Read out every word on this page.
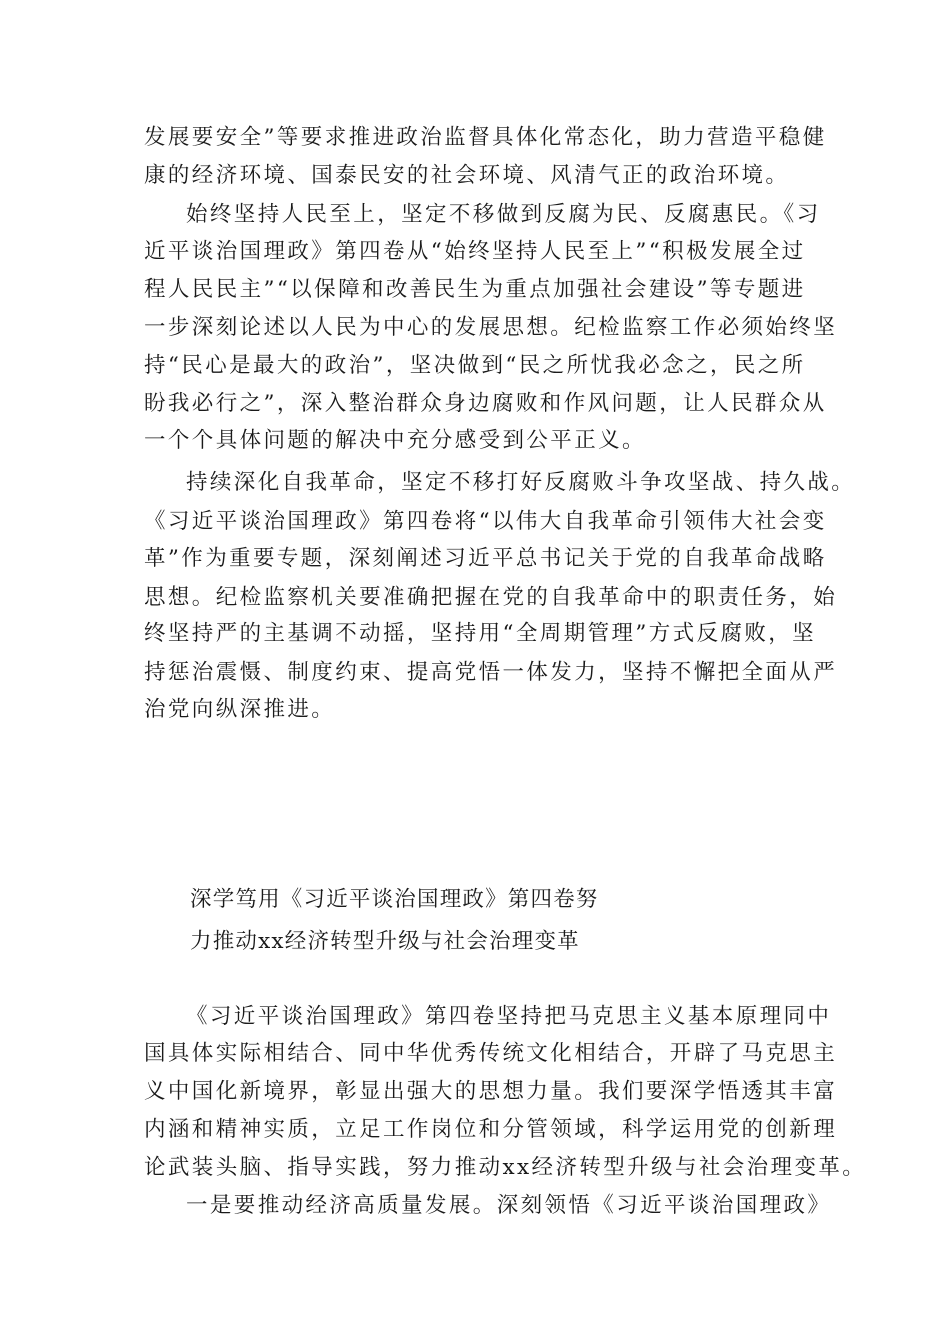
发展要安全”等要求推进政治监督具体化常态化，助力营造平稳健
康的经济环境、国泰民安的社会环境、风清气正的政治环境。
始终坚持人民至上，坚定不移做到反腐为民、反腐惠民。《习
近平谈治国理政》第四卷从“始终坚持人民至上”“积极发展全过
程人民民主”“以保障和改善民生为重点加强社会建设”等专题进
一步深刻论述以人民为中心的发展思想。纪检监察工作必须始终坚
持“民心是最大的政治”，坚决做到“民之所忧我必念之，民之所
盼我必行之”，深入整治群众身边腐败和作风问题，让人民群众从
一个个具体问题的解决中充分感受到公平正义。
持续深化自我革命，坚定不移打好反腐败斗争攻坚战、持久战。
《习近平谈治国理政》第四卷将“以伟大自我革命引领伟大社会变
革”作为重要专题，深刻阐述习近平总书记关于党的自我革命战略
思想。纪检监察机关要准确把握在党的自我革命中的职责任务，始
终坚持严的主基调不动摇，坚持用“全周期管理”方式反腐败，坚
持惩治震慑、制度约束、提高党悟一体发力，坚持不懈把全面从严
治党向纵深推进。
深学笃用《习近平谈治国理政》第四卷努
力推动xx经济转型升级与社会治理变革
《习近平谈治国理政》第四卷坚持把马克思主义基本原理同中
国具体实际相结合、同中华优秀传统文化相结合，开辟了马克思主
义中国化新境界，彰显出强大的思想力量。我们要深学悟透其丰富
内涵和精神实质，立足工作岗位和分管领域，科学运用党的创新理
论武装头脑、指导实践，努力推动xx经济转型升级与社会治理变革。
一是要推动经济高质量发展。深刻领悟《习近平谈治国理政》
